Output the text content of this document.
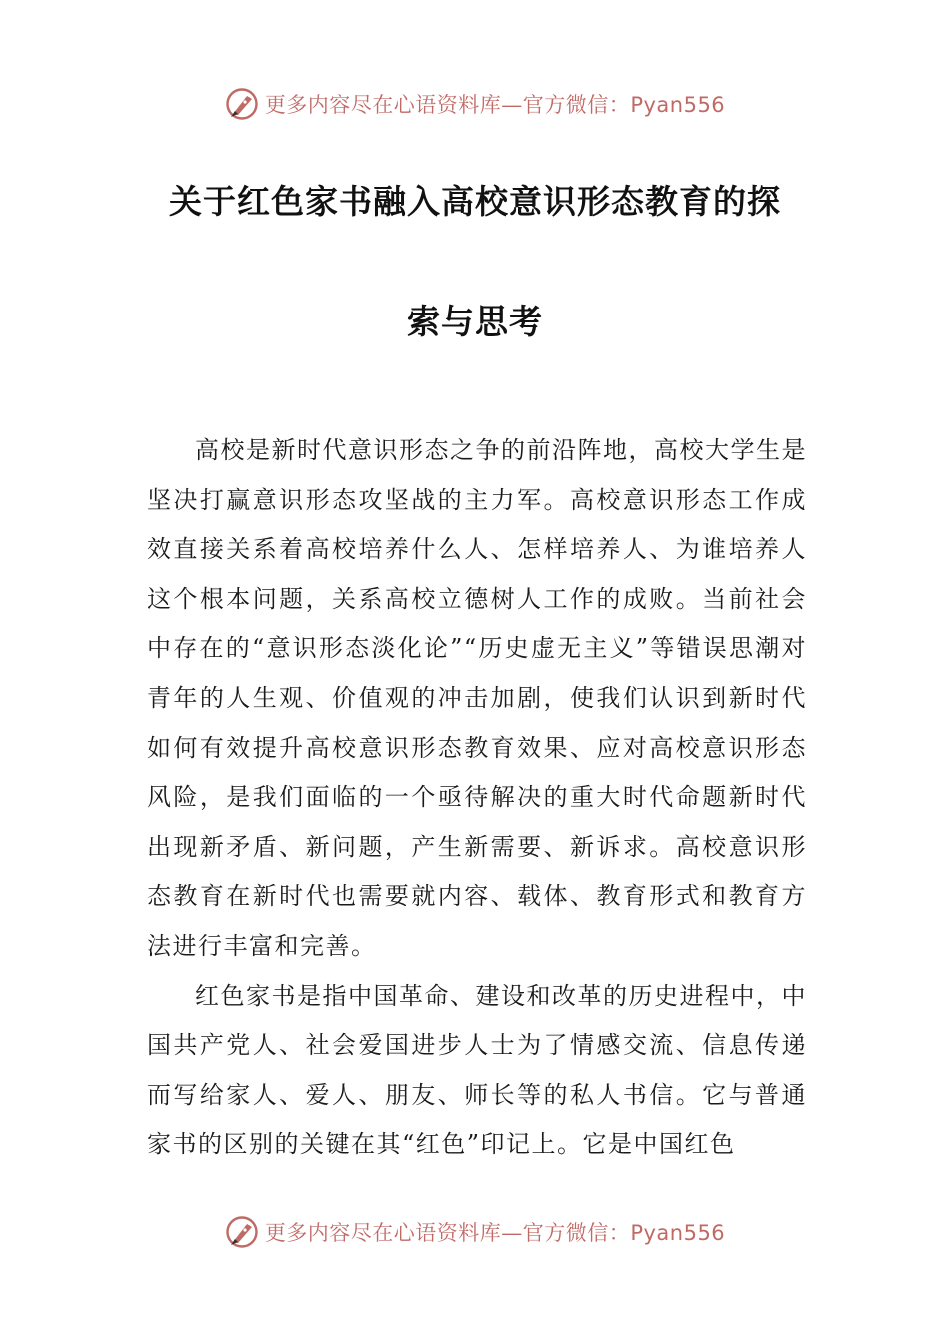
更多内容尽在心语资料库—官方微信：Pyan556
关于红色家书融入高校意识形态教育的探
索与思考

高校是新时代意识形态之争的前沿阵地，高校大学生是坚决打赢意识形态攻坚战的主力军。高校意识形态工作成效直接关系着高校培养什么人、怎样培养人、为谁培养人这个根本问题，关系高校立德树人工作的成败。当前社会中存在的“意识形态淡化论”“历史虚无主义”等错误思潮对青年的人生观、价值观的冲击加剧，使我们认识到新时代如何有效提升高校意识形态教育效果、应对高校意识形态风险，是我们面临的一个亟待解决的重大时代命题新时代出现新矛盾、新问题，产生新需要、新诉求。高校意识形态教育在新时代也需要就内容、载体、教育形式和教育方法进行丰富和完善。

红色家书是指中国革命、建设和改革的历史进程中，中国共产党人、社会爱国进步人士为了情感交流、信息传递而写给家人、爱人、朋友、师长等的私人书信。它与普通家书的区别的关键在其“红色”印记上。它是中国红色

更多内容尽在心语资料库—官方微信：Pyan556
